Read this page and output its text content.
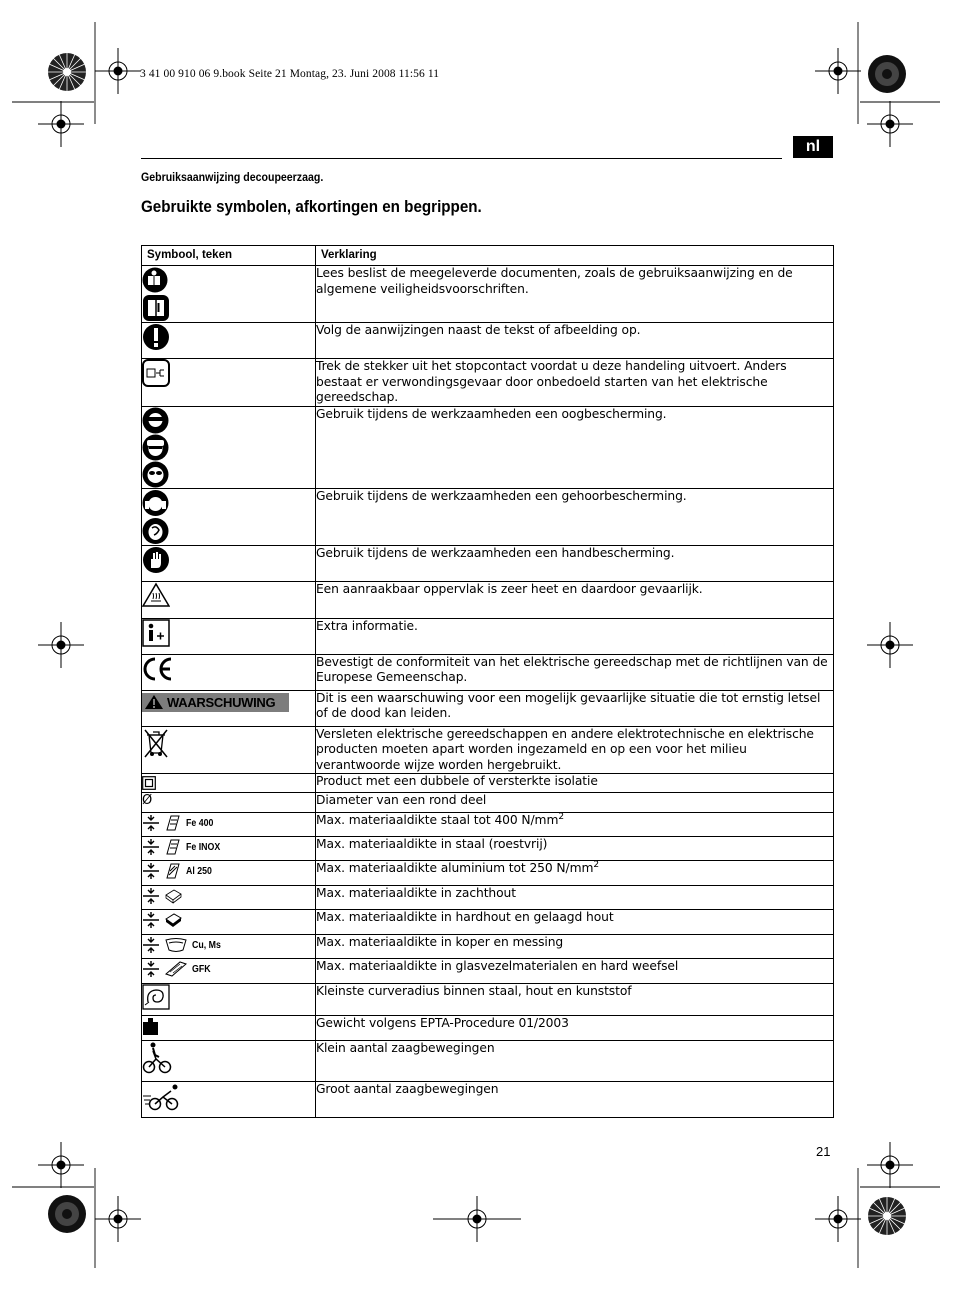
3 41 00 910 06 9.book Seite 21 Montag, 23. Juni 2008 11:56 11
nl
Gebruiksaanwijzing decoupeerzaag.
Gebruikte symbolen, afkortingen en begrippen.
Symbool, teken	Verklaring

	Lees beslist de meegeleverde documenten, zoals de gebruiksaanwijzing en de algemene veiligheidsvoorschriften.

	Volg de aanwijzingen naast de tekst of afbeelding op.

	Trek de stekker uit het stopcontact voordat u deze handeling uitvoert. Anders bestaat er verwondingsgevaar door onbedoeld starten van het elektrische gereedschap.

	Gebruik tijdens de werkzaamheden een oogbescherming.

	Gebruik tijdens de werkzaamheden een gehoorbescherming.

	Gebruik tijdens de werkzaamheden een handbescherming.

	Een aanraakbaar oppervlak is zeer heet en daardoor gevaarlijk.

	Extra informatie.

	Bevestigt de conformiteit van het elektrische gereedschap met de richtlijnen van de Europese Gemeenschap.

WAARSCHUWING	Dit is een waarschuwing voor een mogelijk gevaarlijke situatie die tot ernstig letsel of de dood kan leiden.

	Versleten elektrische gereedschappen en andere elektrotechnische en elektrische producten moeten apart worden ingezameld en op een voor het milieu verantwoorde wijze worden hergebruikt.

	Product met een dubbele of versterkte isolatie
Ø	Diameter van een rond deel

Fe 400	Max. materiaaldikte staal tot 400 $N/mm^2$

Fe INOX	Max. materiaaldikte in staal (roestvrij)

Al 250	Max. materiaaldikte aluminium tot 250 $N/mm^2$

	Max. materiaaldikte in zachthout

	Max. materiaaldikte in hardhout en gelaagd hout

Cu, Ms	Max. materiaaldikte in koper en messing

GFK	Max. materiaaldikte in glasvezelmaterialen en hard weefsel

	Kleinste curveradius binnen staal, hout en kunststof

	Gewicht volgens EPTA-Procedure 01/2003

	Klein aantal zaagbewegingen

	Groot aantal zaagbewegingen
21
